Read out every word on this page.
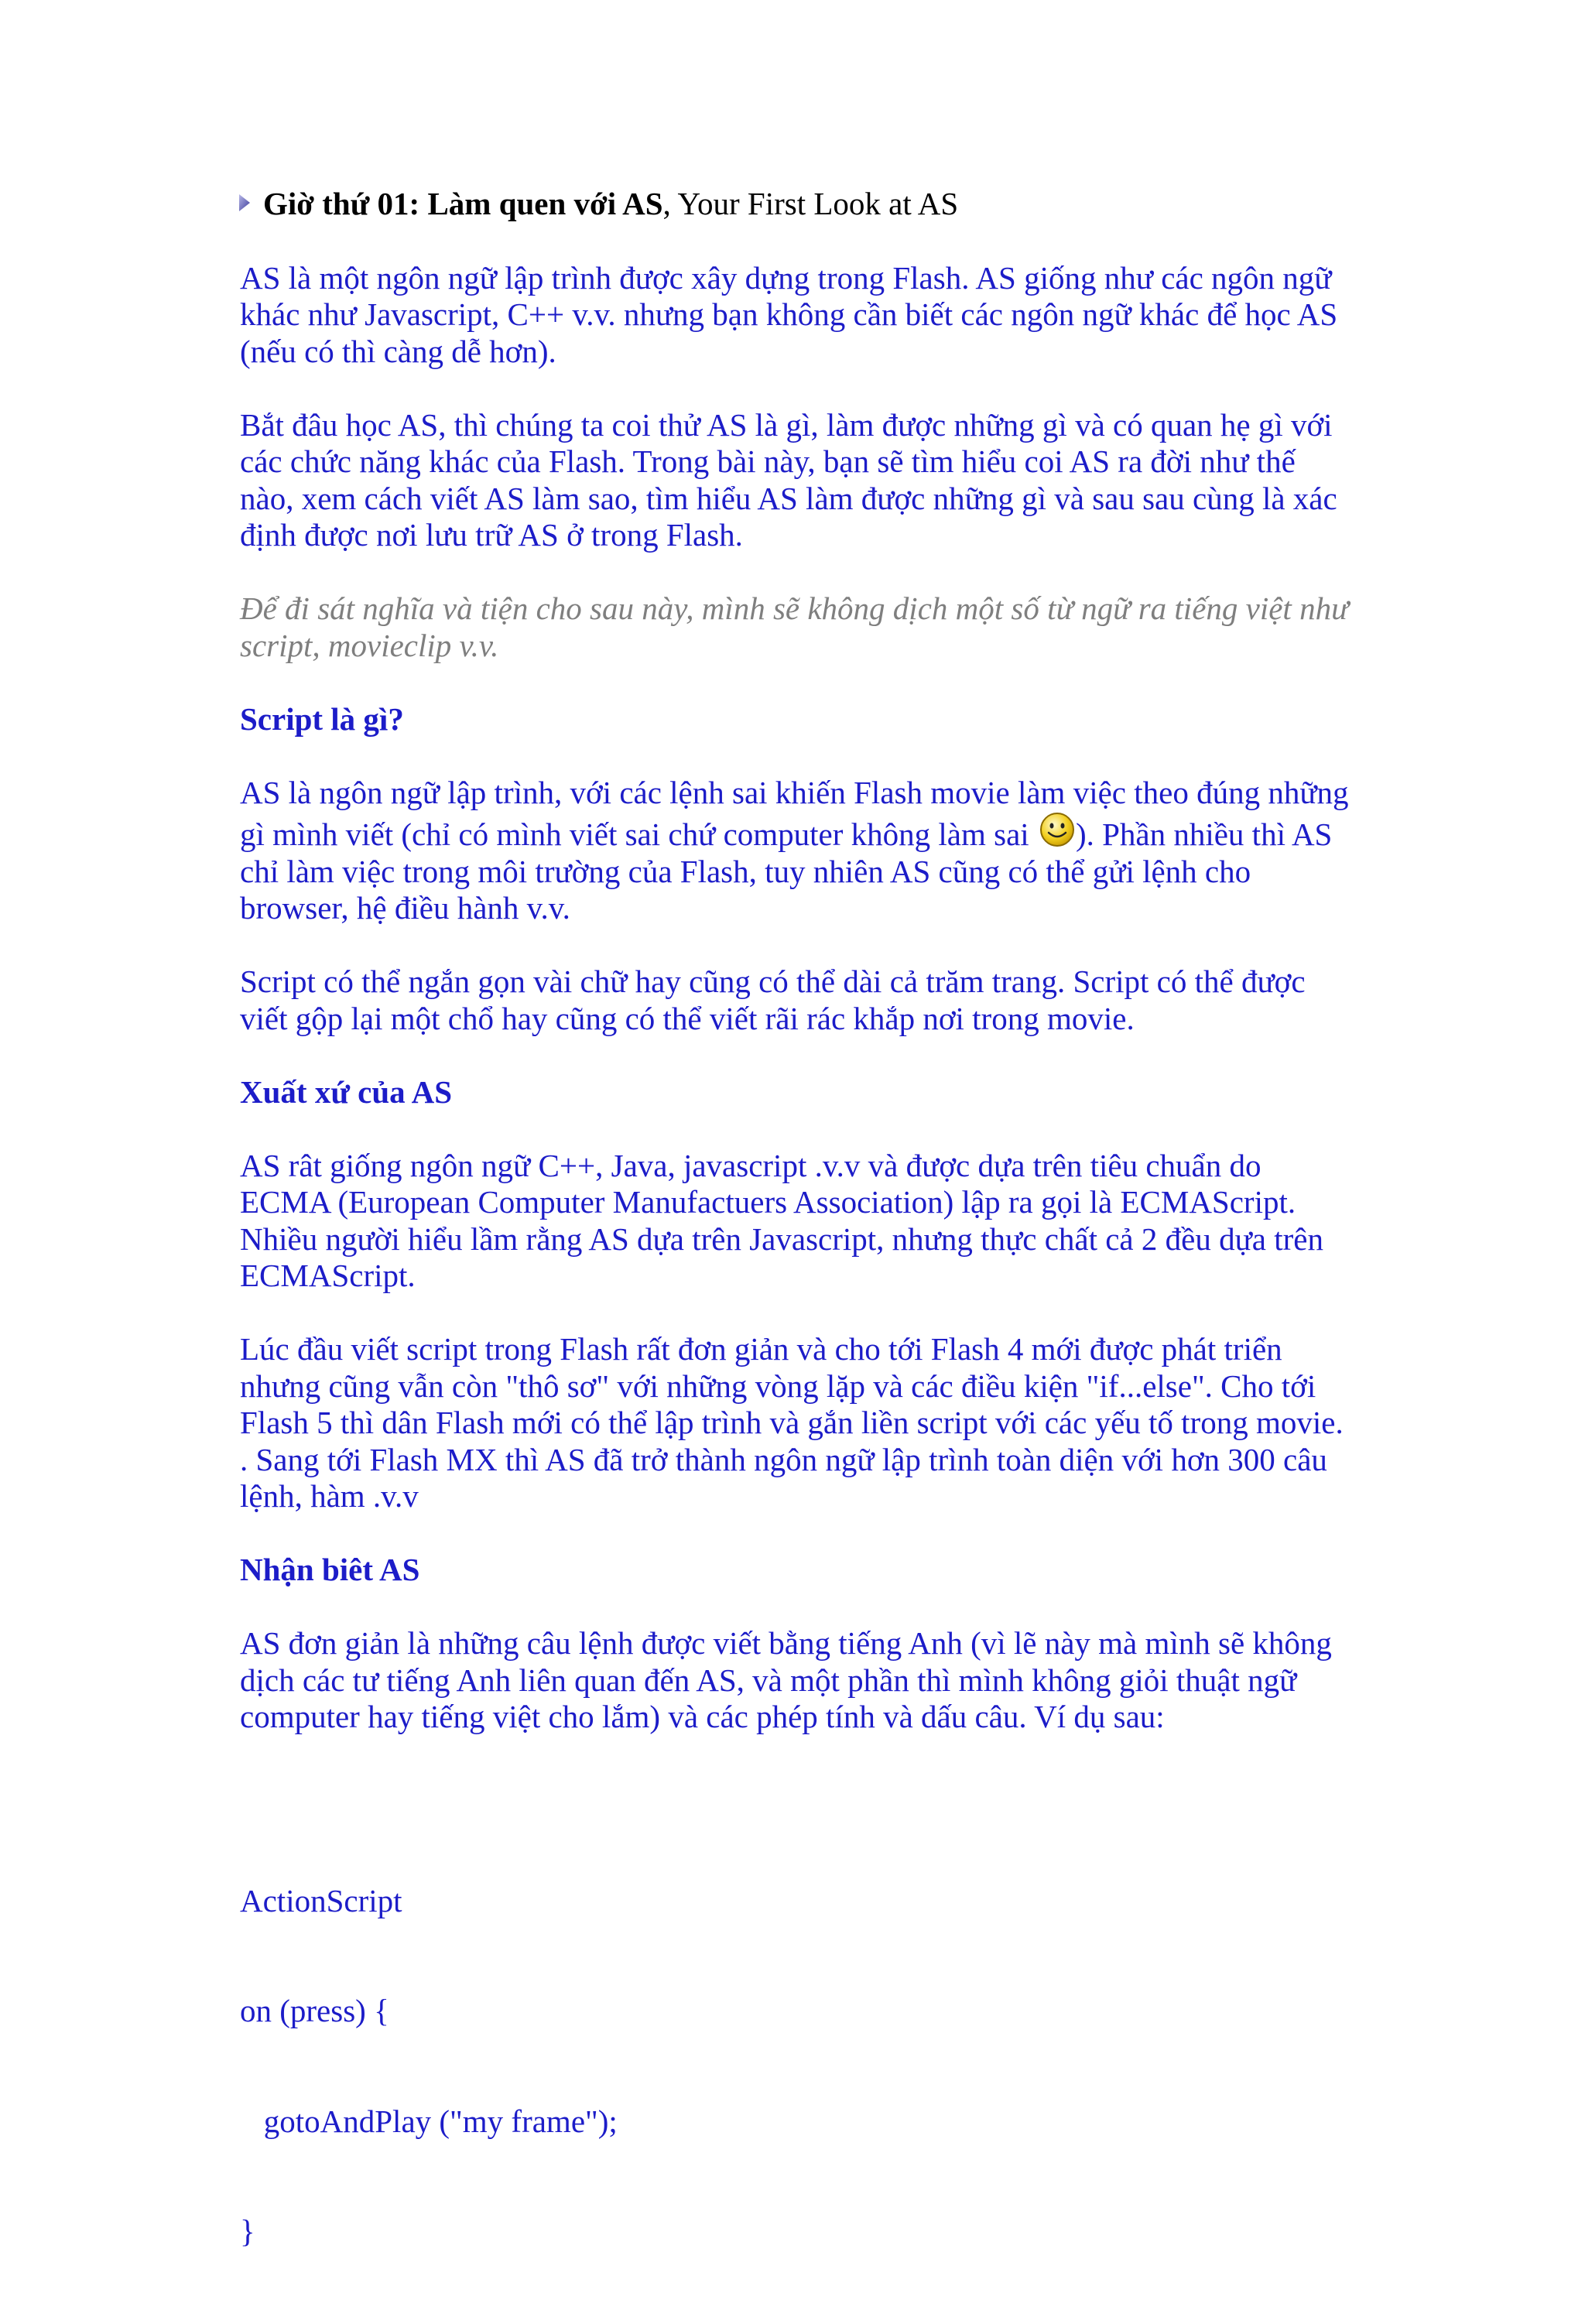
Giờ thứ 01: Làm quen với AS, Your First Look at AS

AS là một ngôn ngữ lập trình được xây dựng trong Flash. AS giống như các ngôn ngữ khác như Javascript, C++ v.v. nhưng bạn không cần biết các ngôn ngữ khác để học AS (nếu có thì càng dễ hơn).

Bắt đâu học AS, thì chúng ta coi thử AS là gì, làm được những gì và có quan hẹ gì với các chức năng khác của Flash. Trong bài này, bạn sẽ tìm hiểu coi AS ra đời như thế nào, xem cách viết AS làm sao, tìm hiểu AS làm được những gì và sau sau cùng là xác định được nơi lưu trữ AS ở trong Flash.

Để đi sát nghĩa và tiện cho sau này, mình sẽ không dịch một số từ ngữ ra tiếng việt như script, movieclip v.v.

Script là gì?

AS là ngôn ngữ lập trình, với các lệnh sai khiến Flash movie làm việc theo đúng những gì mình viết (chỉ có mình viết sai chứ computer không làm sai ). Phần nhiều thì AS chỉ làm việc trong môi trường của Flash, tuy nhiên AS cũng có thể gửi lệnh cho browser, hệ điều hành v.v.

Script có thể ngắn gọn vài chữ hay cũng có thể dài cả trăm trang. Script có thể được viết gộp lại một chổ hay cũng có thể viết rãi rác khắp nơi trong movie.

Xuất xứ của AS

AS rât giống ngôn ngữ C++, Java, javascript .v.v và được dựa trên tiêu chuẩn do ECMA (European Computer Manufactuers Association) lập ra gọi là ECMAScript. Nhiều người hiểu lầm rằng AS dựa trên Javascript, nhưng thực chất cả 2 đều dựa trên ECMAScript.

Lúc đầu viết script trong Flash rất đơn giản và cho tới Flash 4 mới được phát triển nhưng cũng vẫn còn "thô sơ" với những vòng lặp và các điều kiện "if...else". Cho tới Flash 5 thì dân Flash mới có thể lập trình và gắn liền script với các yếu tố trong movie. . Sang tới Flash MX thì AS đã trở thành ngôn ngữ lập trình toàn diện với hơn 300 câu lệnh, hàm .v.v

Nhận biêt AS

AS đơn giản là những câu lệnh được viết bằng tiếng Anh (vì lẽ này mà mình sẽ không dịch các tư tiếng Anh liên quan đến AS, và một phần thì mình không giỏi thuật ngữ computer hay tiếng việt cho lắm) và các phép tính và dấu câu. Ví dụ sau:

ActionScript

on (press) {

gotoAndPlay ("my frame");

}
